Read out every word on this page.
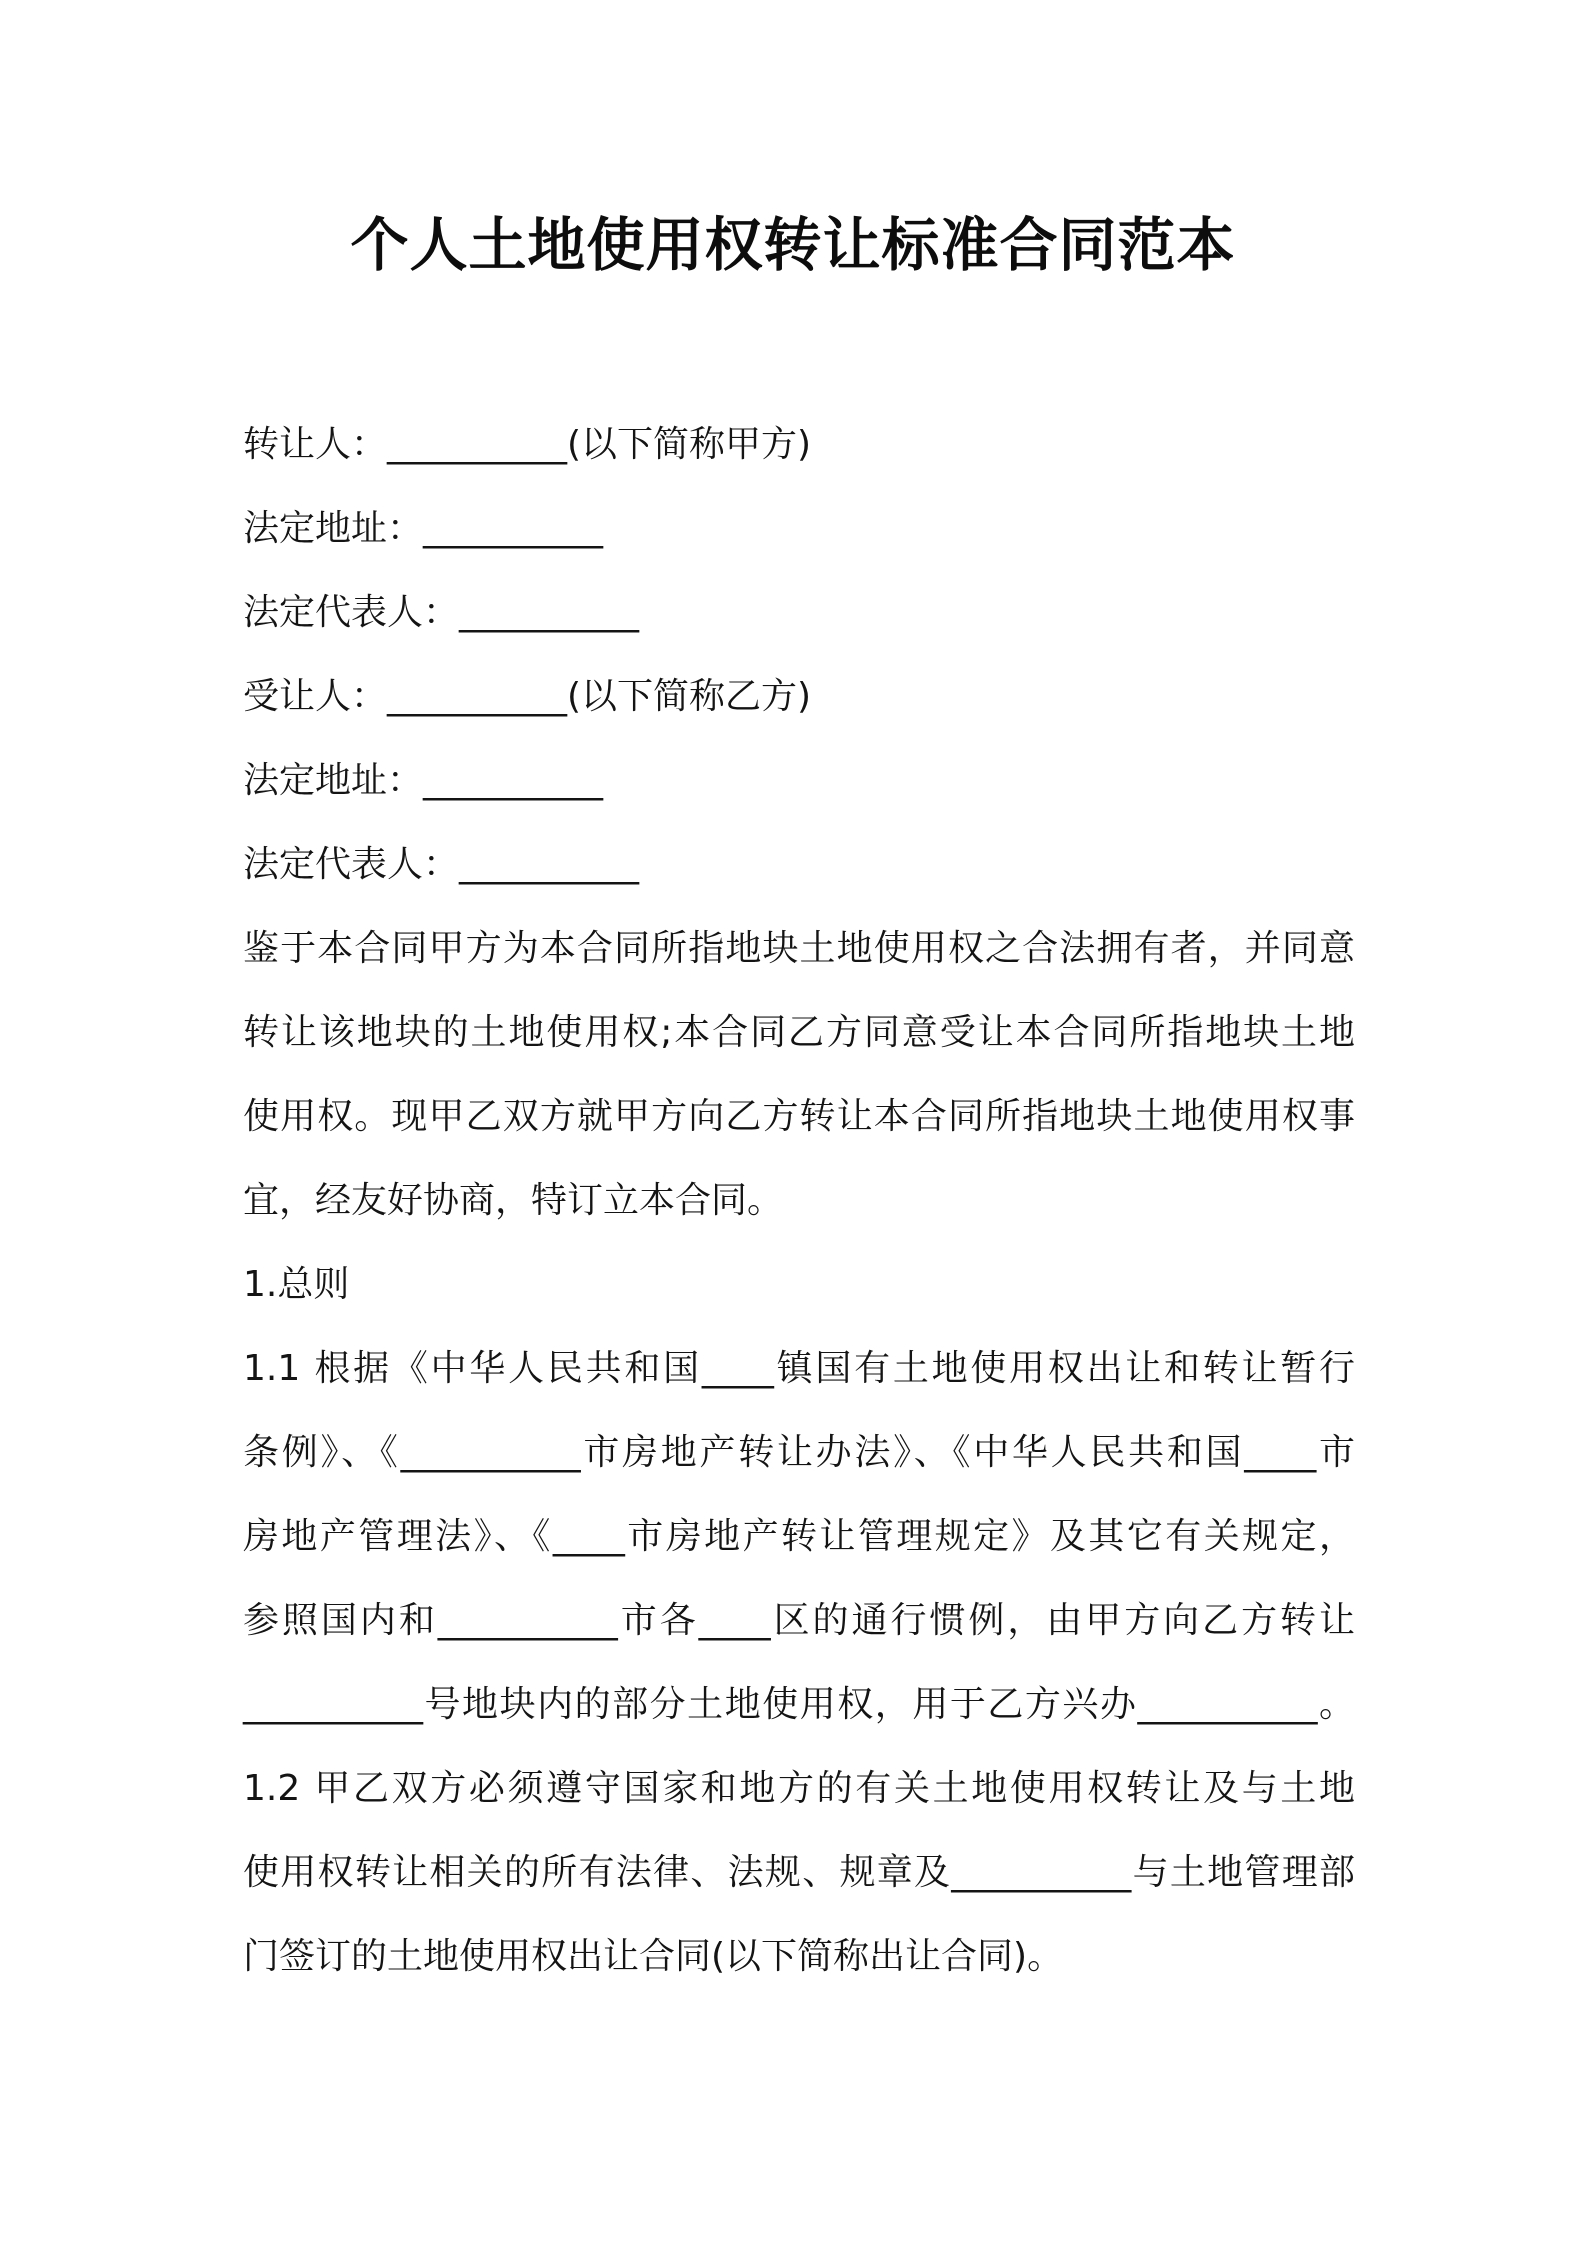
个人土地使用权转让标准合同范本
转让人：__________(以下简称甲方)
法定地址：__________
法定代表人：__________
受让人：__________(以下简称乙方)
法定地址：__________
法定代表人：__________
鉴于本合同甲方为本合同所指地块土地使用权之合法拥有者，并同意
转让该地块的土地使用权;本合同乙方同意受让本合同所指地块土地
使用权。现甲乙双方就甲方向乙方转让本合同所指地块土地使用权事
宜，经友好协商，特订立本合同。
1.总则
1.1 根据《中华人民共和国____镇国有土地使用权出让和转让暂行
条例》、《__________市房地产转让办法》、《中华人民共和国____市
房地产管理法》、《____市房地产转让管理规定》及其它有关规定，
参照国内和__________市各____区的通行惯例，由甲方向乙方转让
__________号地块内的部分土地使用权，用于乙方兴办__________。
1.2 甲乙双方必须遵守国家和地方的有关土地使用权转让及与土地
使用权转让相关的所有法律、法规、规章及__________与土地管理部
门签订的土地使用权出让合同(以下简称出让合同)。
